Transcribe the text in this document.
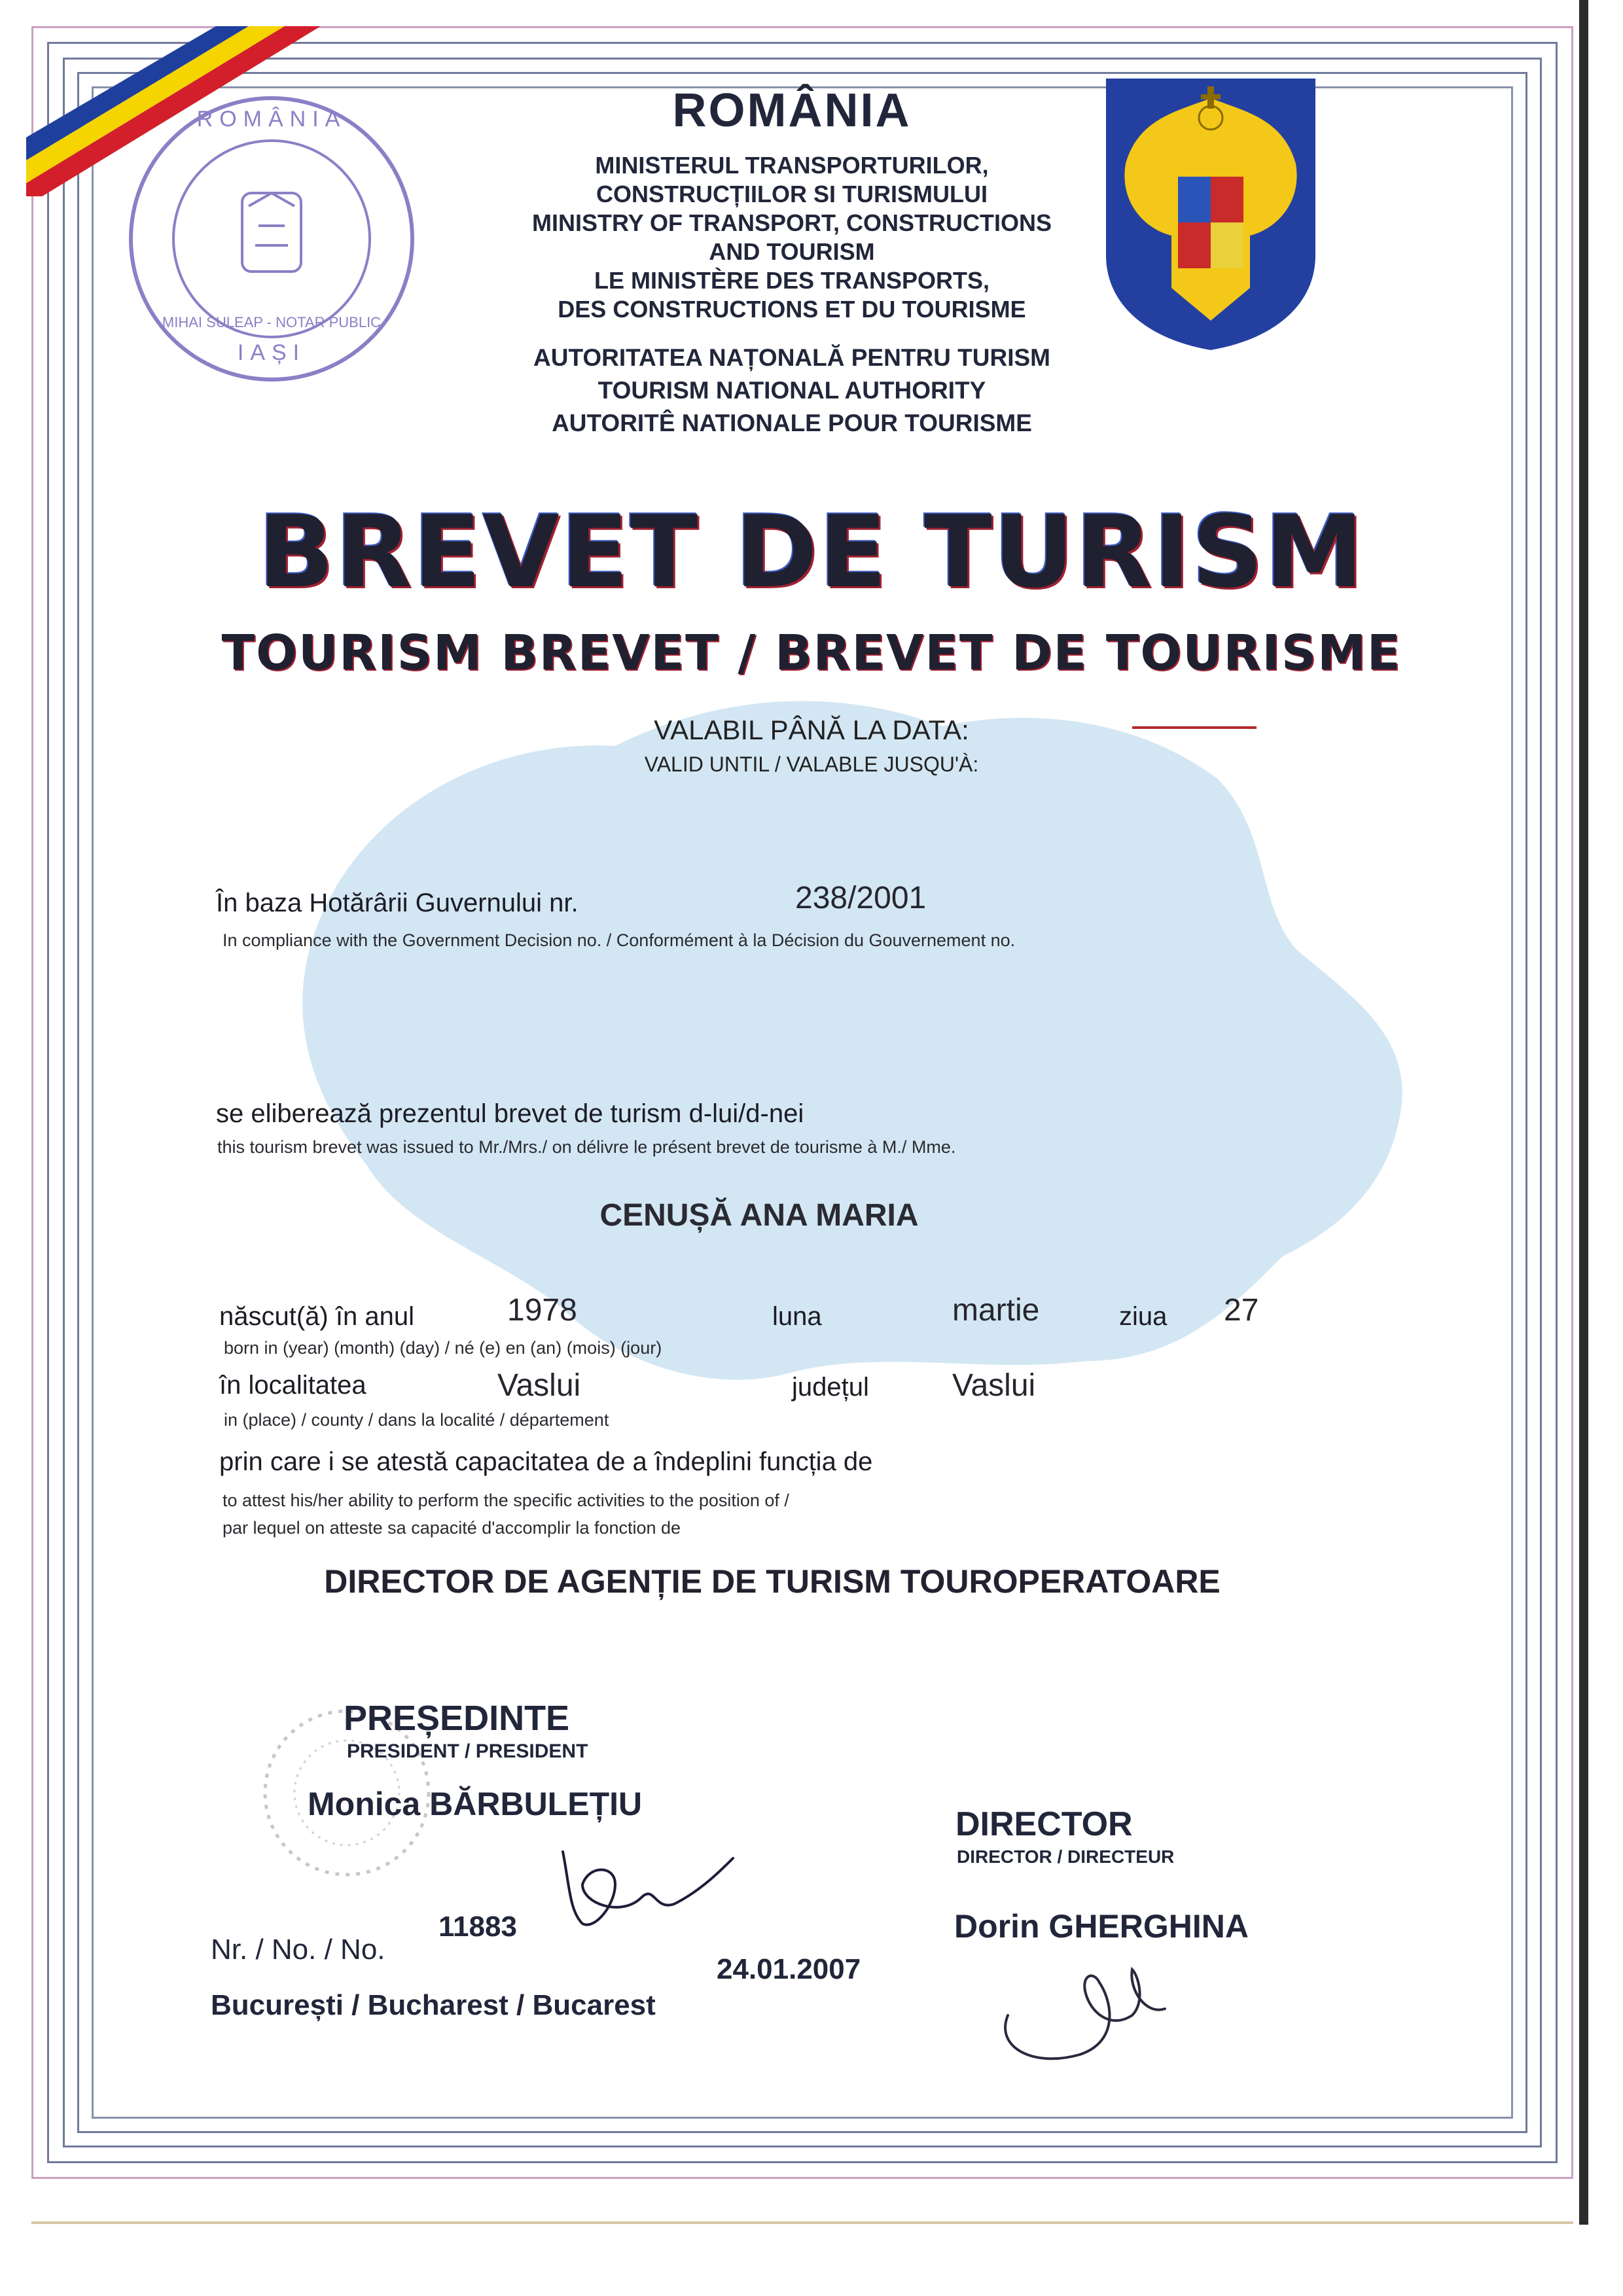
ROMÂNIA
MIHAI SULEAP - NOTAR PUBLIC
IAȘI
ROMÂNIA
MINISTERUL TRANSPORTURILOR,
CONSTRUCȚIILOR SI TURISMULUI
MINISTRY OF TRANSPORT, CONSTRUCTIONS
AND TOURISM
LE MINISTÈRE DES TRANSPORTS,
DES CONSTRUCTIONS ET DU TOURISME
AUTORITATEA NAȚONALĂ PENTRU TURISM
TOURISM NATIONAL AUTHORITY
AUTORITÊ NATIONALE POUR TOURISME
BREVET DE TURISM
TOURISM BREVET / BREVET DE TOURISME
VALABIL PÂNĂ LA DATA:
VALID UNTIL / VALABLE JUSQU'À:
În baza Hotărârii Guvernului nr.	238/2001
In compliance with the Government Decision no. / Conformément à la Décision du Gouvernement no.
se eliberează prezentul brevet de turism d-lui/d-nei
this tourism brevet was issued to Mr./Mrs./ on délivre le présent brevet de tourisme à M./ Mme.
CENUȘĂ ANA MARIA
născut(ă) în anul	1978	luna	martie	ziua 27
born in (year) (month) (day) / né (e) en (an) (mois) (jour)
în localitatea	Vaslui	județul	Vaslui
in (place) / county / dans la localité / département
prin care i se atestă capacitatea de a îndeplini funcția de
to attest his/her ability to perform the specific activities to the position of /
par lequel on atteste sa capacité d'accomplir la fonction de
DIRECTOR DE AGENȚIE DE TURISM TOUROPERATOARE
PREȘEDINTE
PRESIDENT / PRESIDENT
Monica BĂRBULEȚIU
DIRECTOR
DIRECTOR / DIRECTEUR
Dorin GHERGHINA
Nr. / No. / No.
11883
24.01.2007
București / Bucharest / Bucarest
